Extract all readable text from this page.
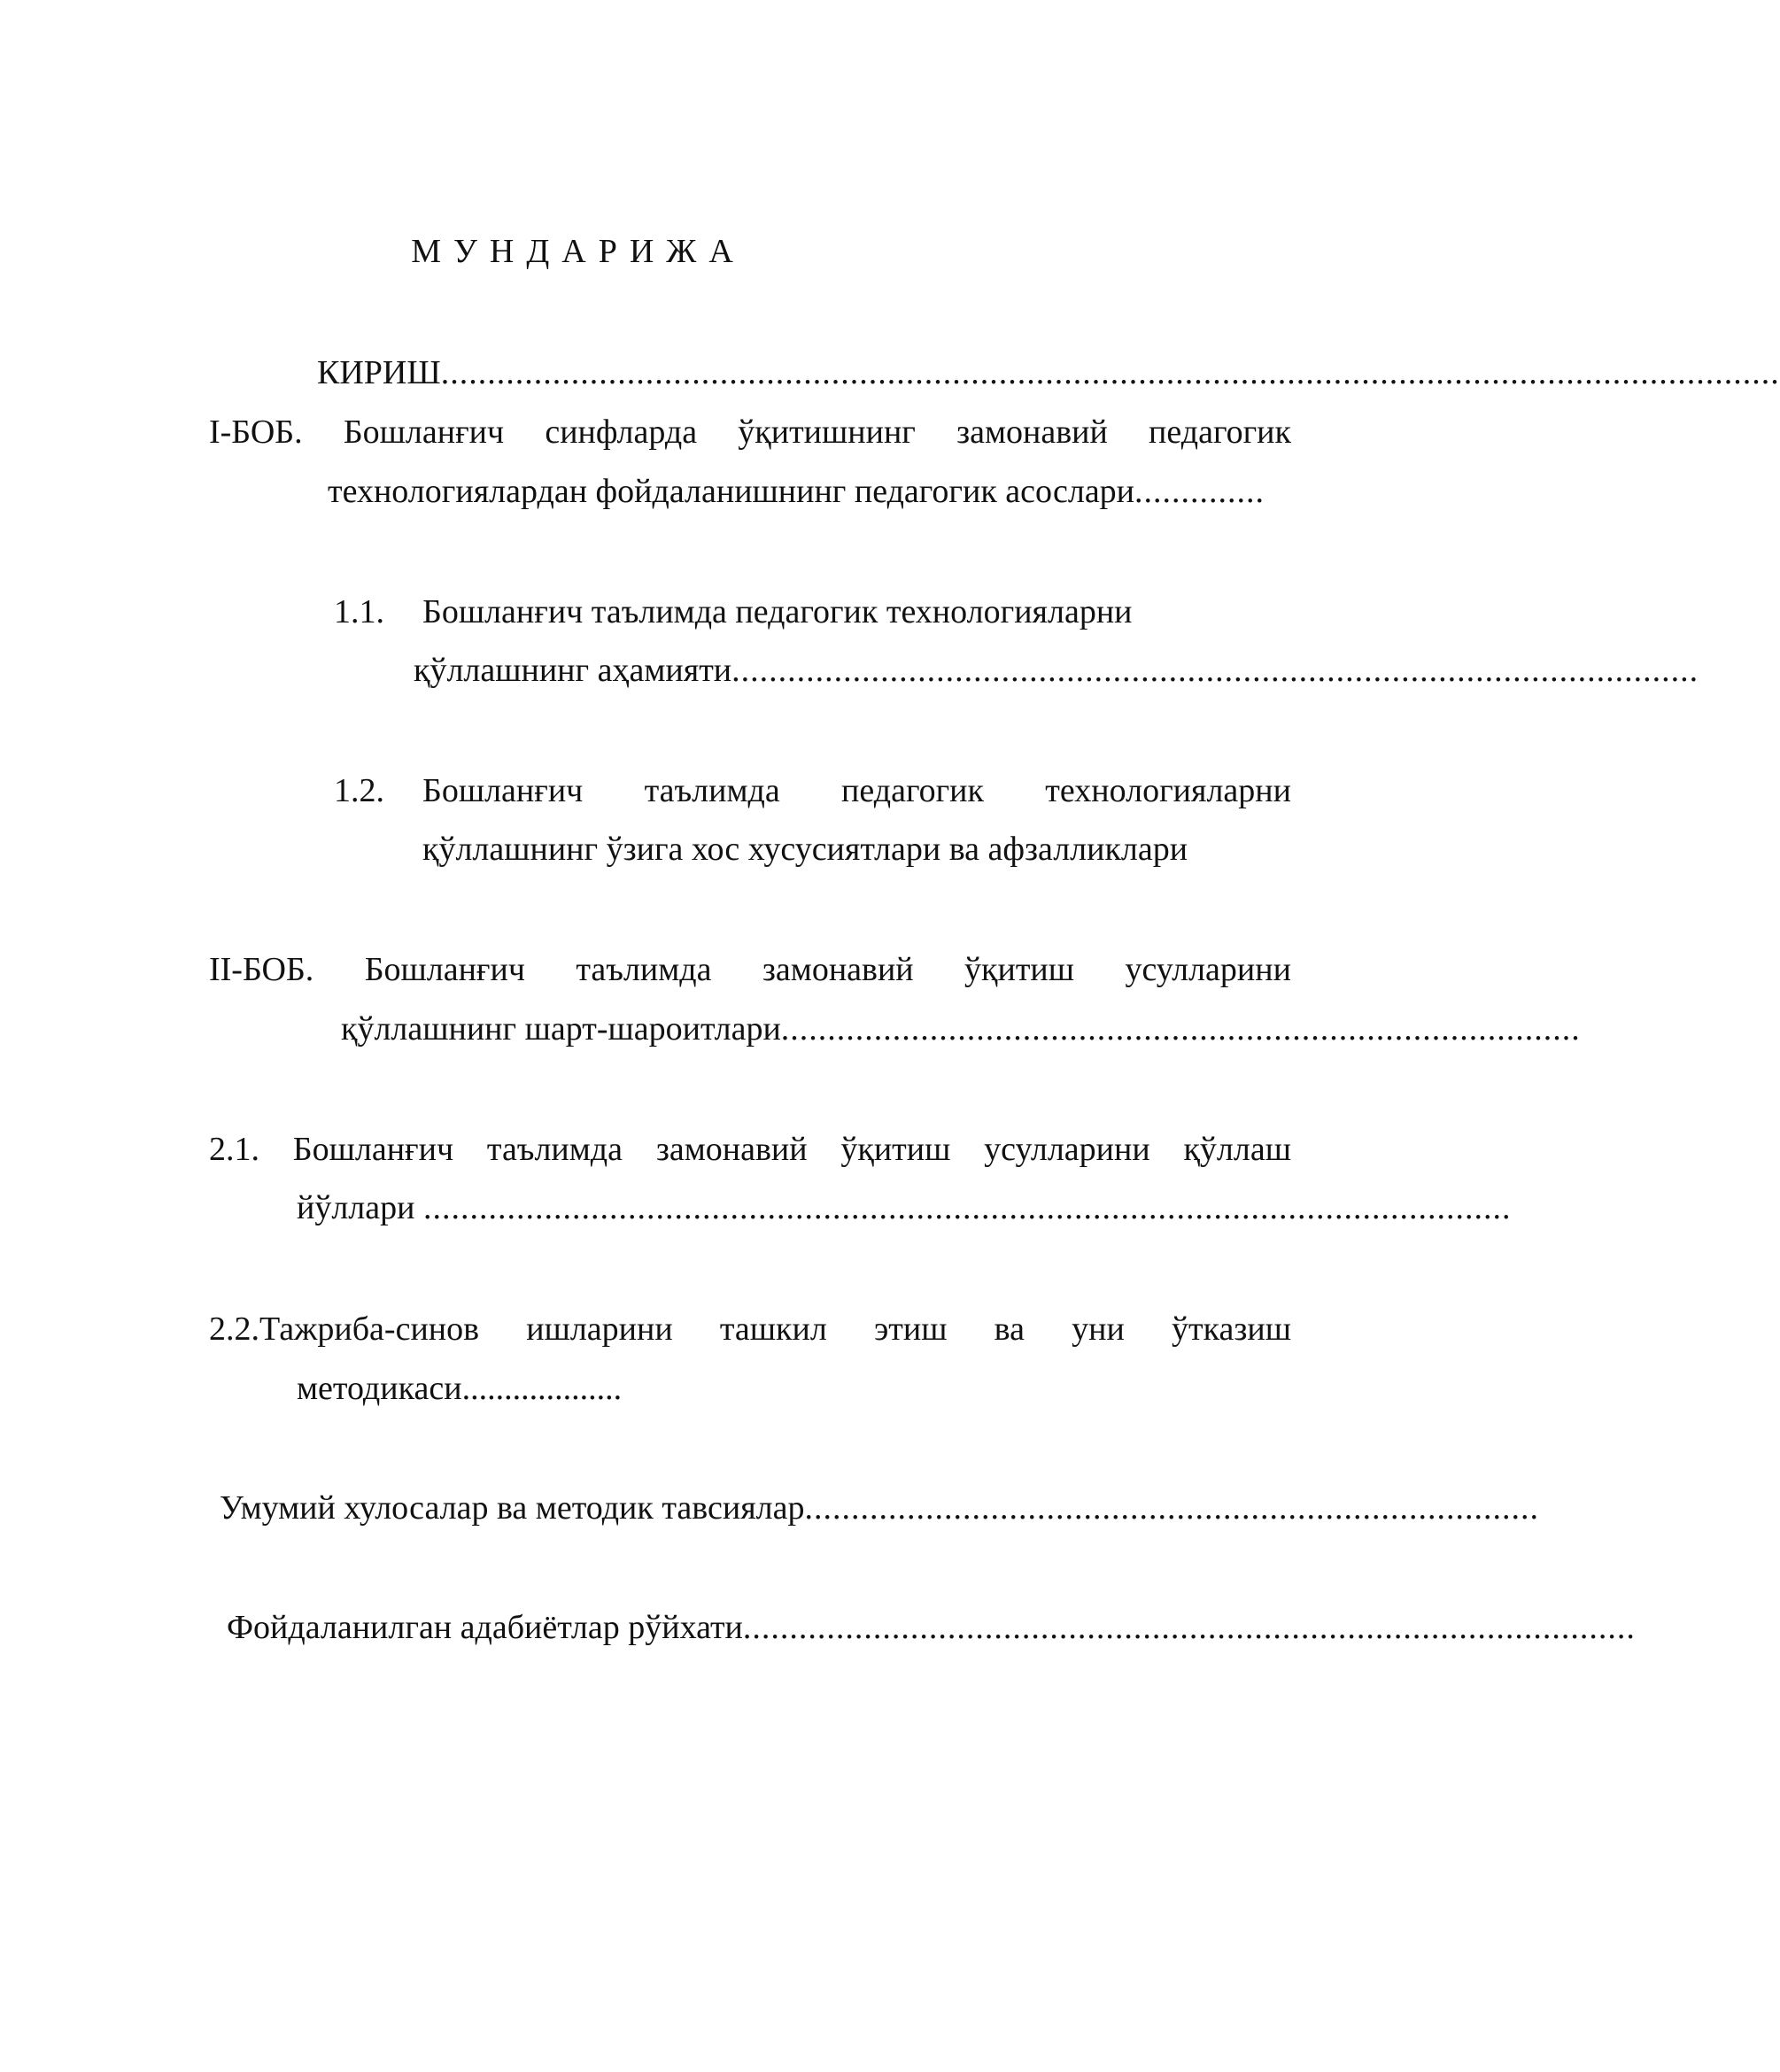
МУНДАРИЖА
КИРИШ ................................................................................................................................................
I-БОБ. Бошланғич синфларда ўқитишнинг замонавий педагогик
технологиялардан фойдаланишнинг педагогик асослари ..............
1.1. Бошланғич таълимда педагогик технологияларни
қўллашнинг аҳамияти ........................................................................................................
1.2.	Бошланғич таълимда педагогик технологияларни
қўллашнинг ўзига хос хусусиятлари ва афзалликлари
II-БОБ. Бошланғич таълимда замонавий ўқитиш усулларини
қўллашнинг шарт-шароитлари ......................................................................................
2.1. Бошланғич таълимда замонавий ўқитиш усулларини қўллаш
йўллари .....................................................................................................................
2.2.Тажриба-синов ишларини ташкил этиш ва уни ўтказиш
методикаси...................
Умумий хулосалар ва методик тавсиялар ...............................................................................
Фойдаланилган адабиётлар рўйхати ................................................................................................
